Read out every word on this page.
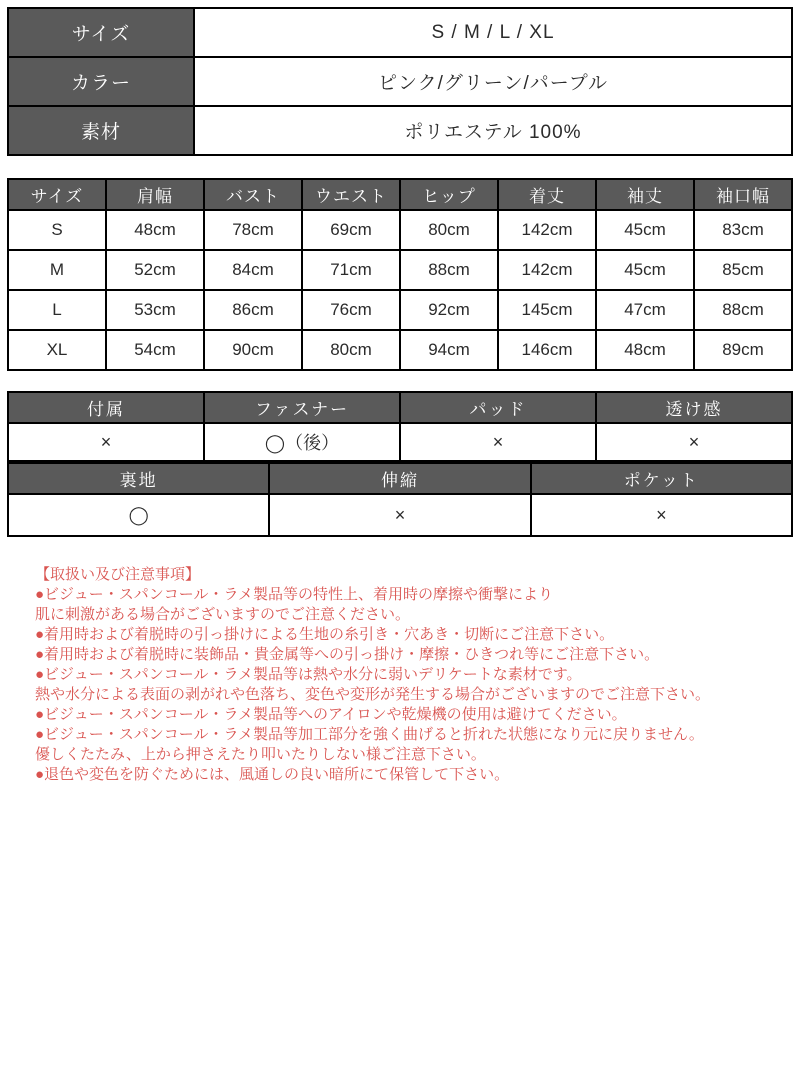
サイズ	S / M / L / XL
カラー	ピンク/グリーン/パープル
素材	ポリエステル 100%
サイズ	肩幅	バスト	ウエスト	ヒップ	着丈	袖丈	袖口幅
S	48cm	78cm	69cm	80cm	142cm	45cm	83cm
M	52cm	84cm	71cm	88cm	142cm	45cm	85cm
L	53cm	86cm	76cm	92cm	145cm	47cm	88cm
XL	54cm	90cm	80cm	94cm	146cm	48cm	89cm
付属	ファスナー	パッド	透け感
×	◯（後）	×	×
裏地	伸縮	ポケット
◯	×	×
【取扱い及び注意事項】
●ビジュー・スパンコール・ラメ製品等の特性上、着用時の摩擦や衝撃により
肌に刺激がある場合がございますのでご注意ください。
●着用時および着脱時の引っ掛けによる生地の糸引き・穴あき・切断にご注意下さい。
●着用時および着脱時に装飾品・貴金属等への引っ掛け・摩擦・ひきつれ等にご注意下さい。
●ビジュー・スパンコール・ラメ製品等は熱や水分に弱いデリケートな素材です。
熱や水分による表面の剥がれや色落ち、変色や変形が発生する場合がございますのでご注意下さい。
●ビジュー・スパンコール・ラメ製品等へのアイロンや乾燥機の使用は避けてください。
●ビジュー・スパンコール・ラメ製品等加工部分を強く曲げると折れた状態になり元に戻りません。
優しくたたみ、上から押さえたり叩いたりしない様ご注意下さい。
●退色や変色を防ぐためには、風通しの良い暗所にて保管して下さい。
